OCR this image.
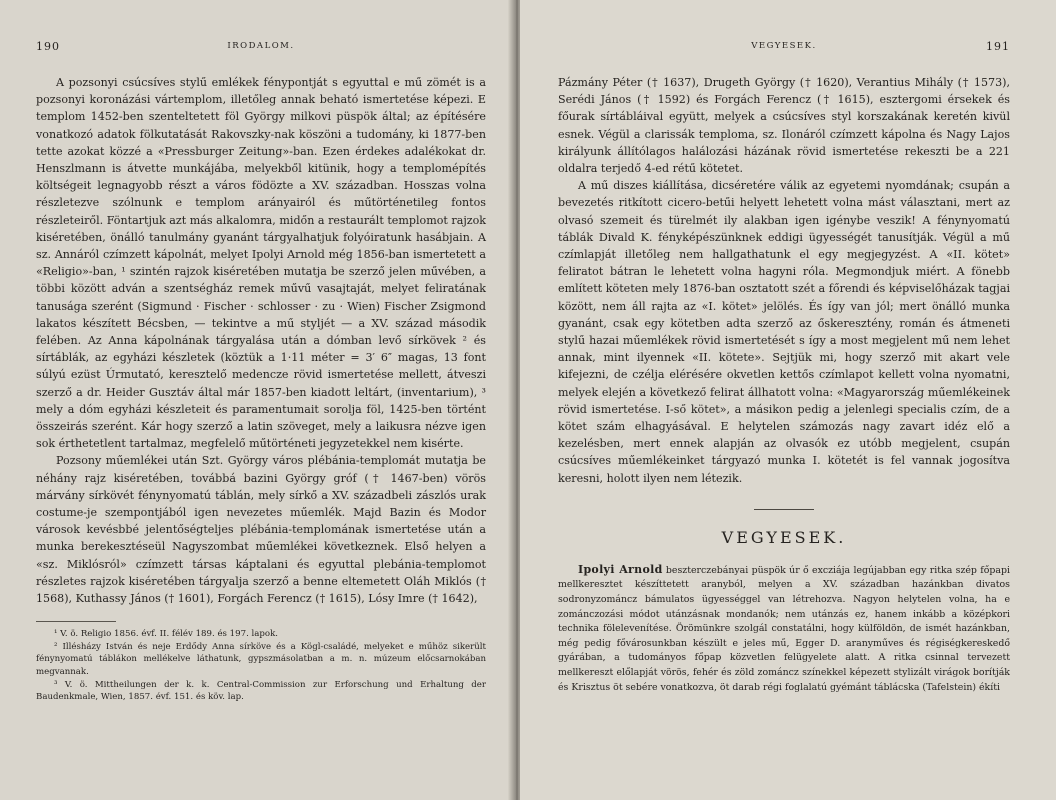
190	IRODALOM.

A pozsonyi csúcsíves stylű emlékek fénypontját s egyuttal e mű zömét is a pozsonyi koronázási vártemplom, illetőleg annak beható ismertetése képezi. E templom 1452-ben szenteltetett föl György milkovi püspök által; az építésére vonatkozó adatok fölkutatását Rakovszky-nak köszöni a tudomány, ki 1877-ben tette azokat közzé a «Pressburger Zeitung»-ban. Ezen érdekes adalékokat dr. Henszlmann is átvette munkájába, melyekből kitünik, hogy a templomépítés költségeit legnagyobb részt a város födözte a XV. században. Hosszas volna részletezve szólnunk e templom arányairól és műtörténetileg fontos részleteiről. Föntartjuk azt más alkalomra, midőn a restaurált templomot rajzok kiséretében, önálló tanulmány gyanánt tárgyalhatjuk folyóiratunk hasábjain. A sz. Annáról czímzett kápolnát, melyet Ipolyi Arnold még 1856-ban ismertetett a «Religio»-ban, ¹ szintén rajzok kiséretében mutatja be szerző jelen művében, a többi között adván a szentségház remek művű vasajtaját, melyet feliratának tanusága szerént (Sigmund · Fischer · schlosser · zu · Wien) Fischer Zsigmond lakatos készített Bécsben, — tekintve a mű styljét — a XV. század második felében. Az Anna kápolnának tárgyalása után a dómban levő sírkövek ² és sírtáblák, az egyházi készletek (köztük a 1·11 méter = 3′ 6″ magas, 13 font súlyú ezüst Úrmutató, keresztelő medencze rövid ismertetése mellett, átveszi szerző a dr. Heider Gusztáv által már 1857-ben kiadott leltárt, (inventarium), ³ mely a dóm egyházi készleteit és paramentumait sorolja föl, 1425-ben történt összeirás szerént. Kár hogy szerző a latin szöveget, mely a laikusra nézve igen sok érthetetlent tartalmaz, megfelelő műtörténeti jegyzetekkel nem kisérte.

Pozsony műemlékei után Szt. György város plébánia-templomát mutatja be néhány rajz kiséretében, továbbá bazini György gróf († 1467-ben) vörös márvány sírkövét fénynyomatú táblán, mely sírkő a XV. századbeli zászlós urak costume-je szempontjából igen nevezetes műemlék. Majd Bazin és Modor városok kevésbbé jelentőségteljes plébánia-templomának ismertetése után a munka berekesztéseül Nagyszombat műemlékei következnek. Első helyen a «sz. Miklósról» czímzett társas káptalani és egyuttal plebánia-templomot részletes rajzok kiséretében tárgyalja szerző a benne eltemetett Oláh Miklós († 1568), Kuthassy János († 1601), Forgách Ferencz († 1615), Lósy Imre († 1642),

¹ V. ö. Religio 1856. évf. II. félév 189. és 197. lapok.

² Illésházy István és neje Erdődy Anna sírköve és a Kögl-családé, melyeket e műhöz sikerült fénynyomatú táblákon mellékelve láthatunk, gypszmásolatban a m. n. múzeum előcsarnokában megvannak.

³ V. ö. Mittheilungen der k. k. Central-Commission zur Erforschung und Erhaltung der Baudenkmale, Wien, 1857. évf. 151. és köv. lap.

VEGYESEK.	191

Pázmány Péter († 1637), Drugeth György († 1620), Verantius Mihály († 1573), Serédi János († 1592) és Forgách Ferencz († 1615), esztergomi érsekek és főurak sírtábláival együtt, melyek a csúcsíves styl korszakának keretén kivül esnek. Végül a clarissák temploma, sz. Ilonáról czímzett kápolna és Nagy Lajos királyunk állítólagos halálozási házának rövid ismertetése rekeszti be a 221 oldalra terjedő 4-ed rétű kötetet.

A mű diszes kiállítása, dicséretére válik az egyetemi nyomdának; csupán a bevezetés ritkított cicero-betűi helyett lehetett volna mást választani, mert az olvasó szemeit és türelmét ily alakban igen igénybe veszik! A fénynyomatú táblák Divald K. fényképészünknek eddigi ügyességét tanusítják. Végül a mű czímlapját illetőleg nem hallgathatunk el egy megjegyzést. A «II. kötet» feliratot bátran le lehetett volna hagyni róla. Megmondjuk miért. A fönebb említett köteten mely 1876-ban osztatott szét a főrendi és képviselőházak tagjai között, nem áll rajta az «I. kötet» jelölés. És így van jól; mert önálló munka gyanánt, csak egy kötetben adta szerző az őskeresztény, román és átmeneti stylű hazai műemlékek rövid ismertetését s így a most megjelent mű nem lehet annak, mint ilyennek «II. kötete». Sejtjük mi, hogy szerző mit akart vele kifejezni, de czélja elérésére okvetlen kettős czímlapot kellett volna nyomatni, melyek elején a következő felirat állhatott volna: «Magyarország műemlékeinek rövid ismertetése. I-ső kötet», a másikon pedig a jelenlegi specialis czím, de a kötet szám elhagyásával. E helytelen számozás nagy zavart idéz elő a kezelésben, mert ennek alapján az olvasók ez utóbb megjelent, csupán csúcsíves műemlékeinket tárgyazó munka I. kötetét is fel vannak jogosítva keresni, holott ilyen nem létezik.

VEGYESEK.

Ipolyi Arnold beszterczebányai püspök úr ő excziája legújabban egy ritka szép főpapi mellkeresztet készíttetett aranyból, melyen a XV. században hazánkban divatos sodronyzománcz bámulatos ügyességgel van létrehozva. Nagyon helytelen volna, ha e zománczozási módot utánzásnak mondanók; nem utánzás ez, hanem inkább a középkori technika fölelevenítése. Örömünkre szolgál constatálni, hogy külföldön, de ismét hazánkban, még pedig fővárosunkban készült e jeles mű, Egger D. aranyműves és régiségkereskedő gyárában, a tudományos főpap közvetlen felügyelete alatt. A ritka csinnal tervezett mellkereszt előlapját vörös, fehér és zöld zománcz színekkel képezett stylizált virágok borítják és Krisztus öt sebére vonatkozva, öt darab régi foglalatú gyémánt táblácska (Tafelstein) ékíti
